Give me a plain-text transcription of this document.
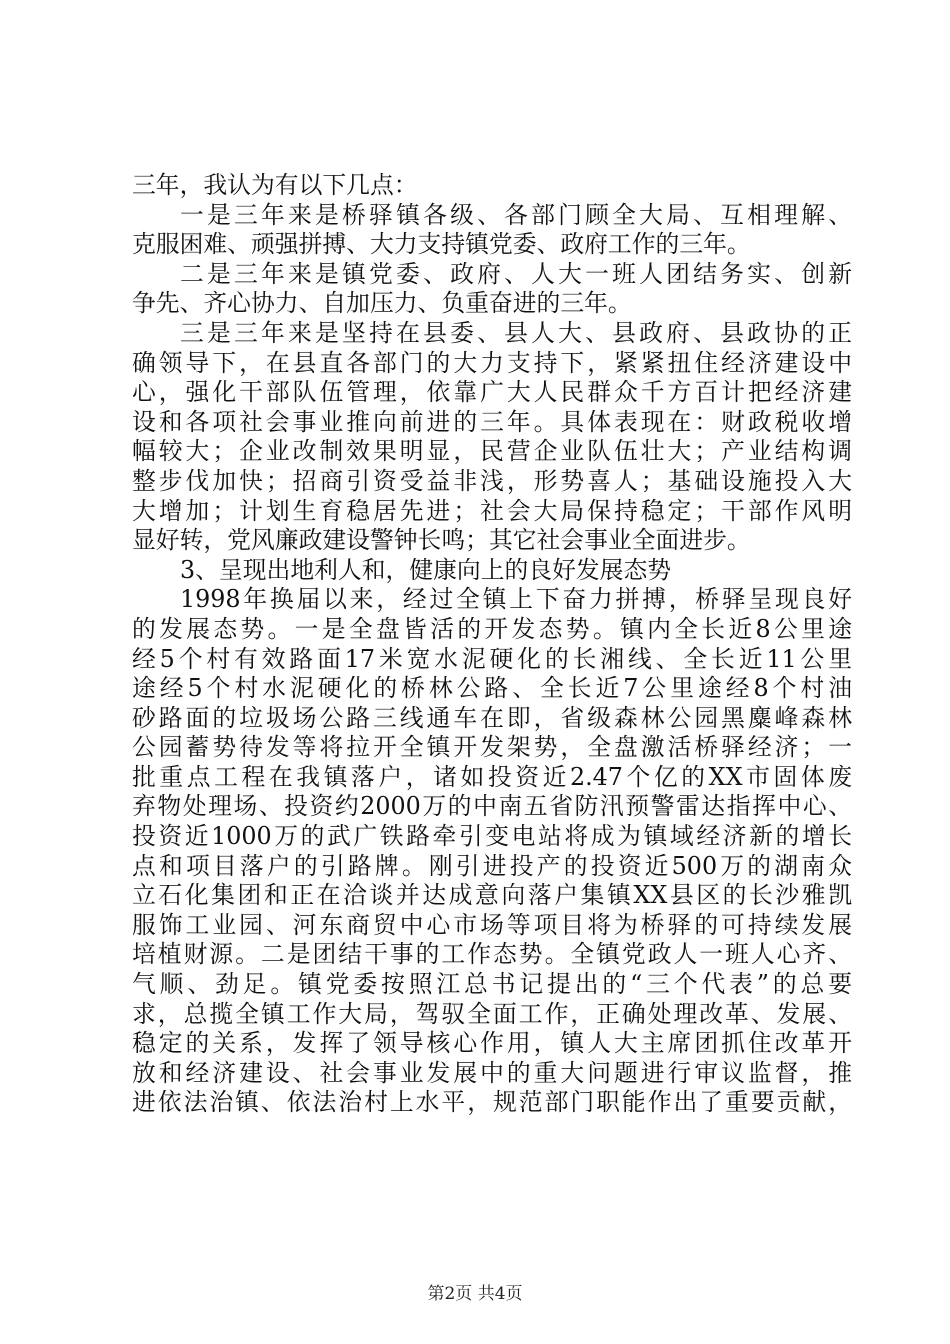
三年，我认为有以下几点：
一是三年来是桥驿镇各级、各部门顾全大局、互相理解、
克服困难、顽强拼搏、大力支持镇党委、政府工作的三年。
二是三年来是镇党委、政府、人大一班人团结务实、创新
争先、齐心协力、自加压力、负重奋进的三年。
三是三年来是坚持在县委、县人大、县政府、县政协的正
确领导下，在县直各部门的大力支持下，紧紧扭住经济建设中
心，强化干部队伍管理，依靠广大人民群众千方百计把经济建
设和各项社会事业推向前进的三年。具体表现在：财政税收增
幅较大；企业改制效果明显，民营企业队伍壮大；产业结构调
整步伐加快；招商引资受益非浅，形势喜人；基础设施投入大
大增加；计划生育稳居先进；社会大局保持稳定；干部作风明
显好转，党风廉政建设警钟长鸣；其它社会事业全面进步。
3、呈现出地利人和，健康向上的良好发展态势
1998年换届以来，经过全镇上下奋力拼搏，桥驿呈现良好
的发展态势。一是全盘皆活的开发态势。镇内全长近8公里途
经5个村有效路面17米宽水泥硬化的长湘线、全长近11公里
途经5个村水泥硬化的桥林公路、全长近7公里途经8个村油
砂路面的垃圾场公路三线通车在即，省级森林公园黑麋峰森林
公园蓄势待发等将拉开全镇开发架势，全盘激活桥驿经济；一
批重点工程在我镇落户，诸如投资近2.47个亿的XX市固体废
弃物处理场、投资约2000万的中南五省防汛预警雷达指挥中心、
投资近1000万的武广铁路牵引变电站将成为镇域经济新的增长
点和项目落户的引路牌。刚引进投产的投资近500万的湖南众
立石化集团和正在洽谈并达成意向落户集镇XX县区的长沙雅凯
服饰工业园、河东商贸中心市场等项目将为桥驿的可持续发展
培植财源。二是团结干事的工作态势。全镇党政人一班人心齐、
气顺、劲足。镇党委按照江总书记提出的“三个代表”的总要
求，总揽全镇工作大局，驾驭全面工作，正确处理改革、发展、
稳定的关系，发挥了领导核心作用，镇人大主席团抓住改革开
放和经济建设、社会事业发展中的重大问题进行审议监督，推
进依法治镇、依法治村上水平，规范部门职能作出了重要贡献，
第2页 共4页
